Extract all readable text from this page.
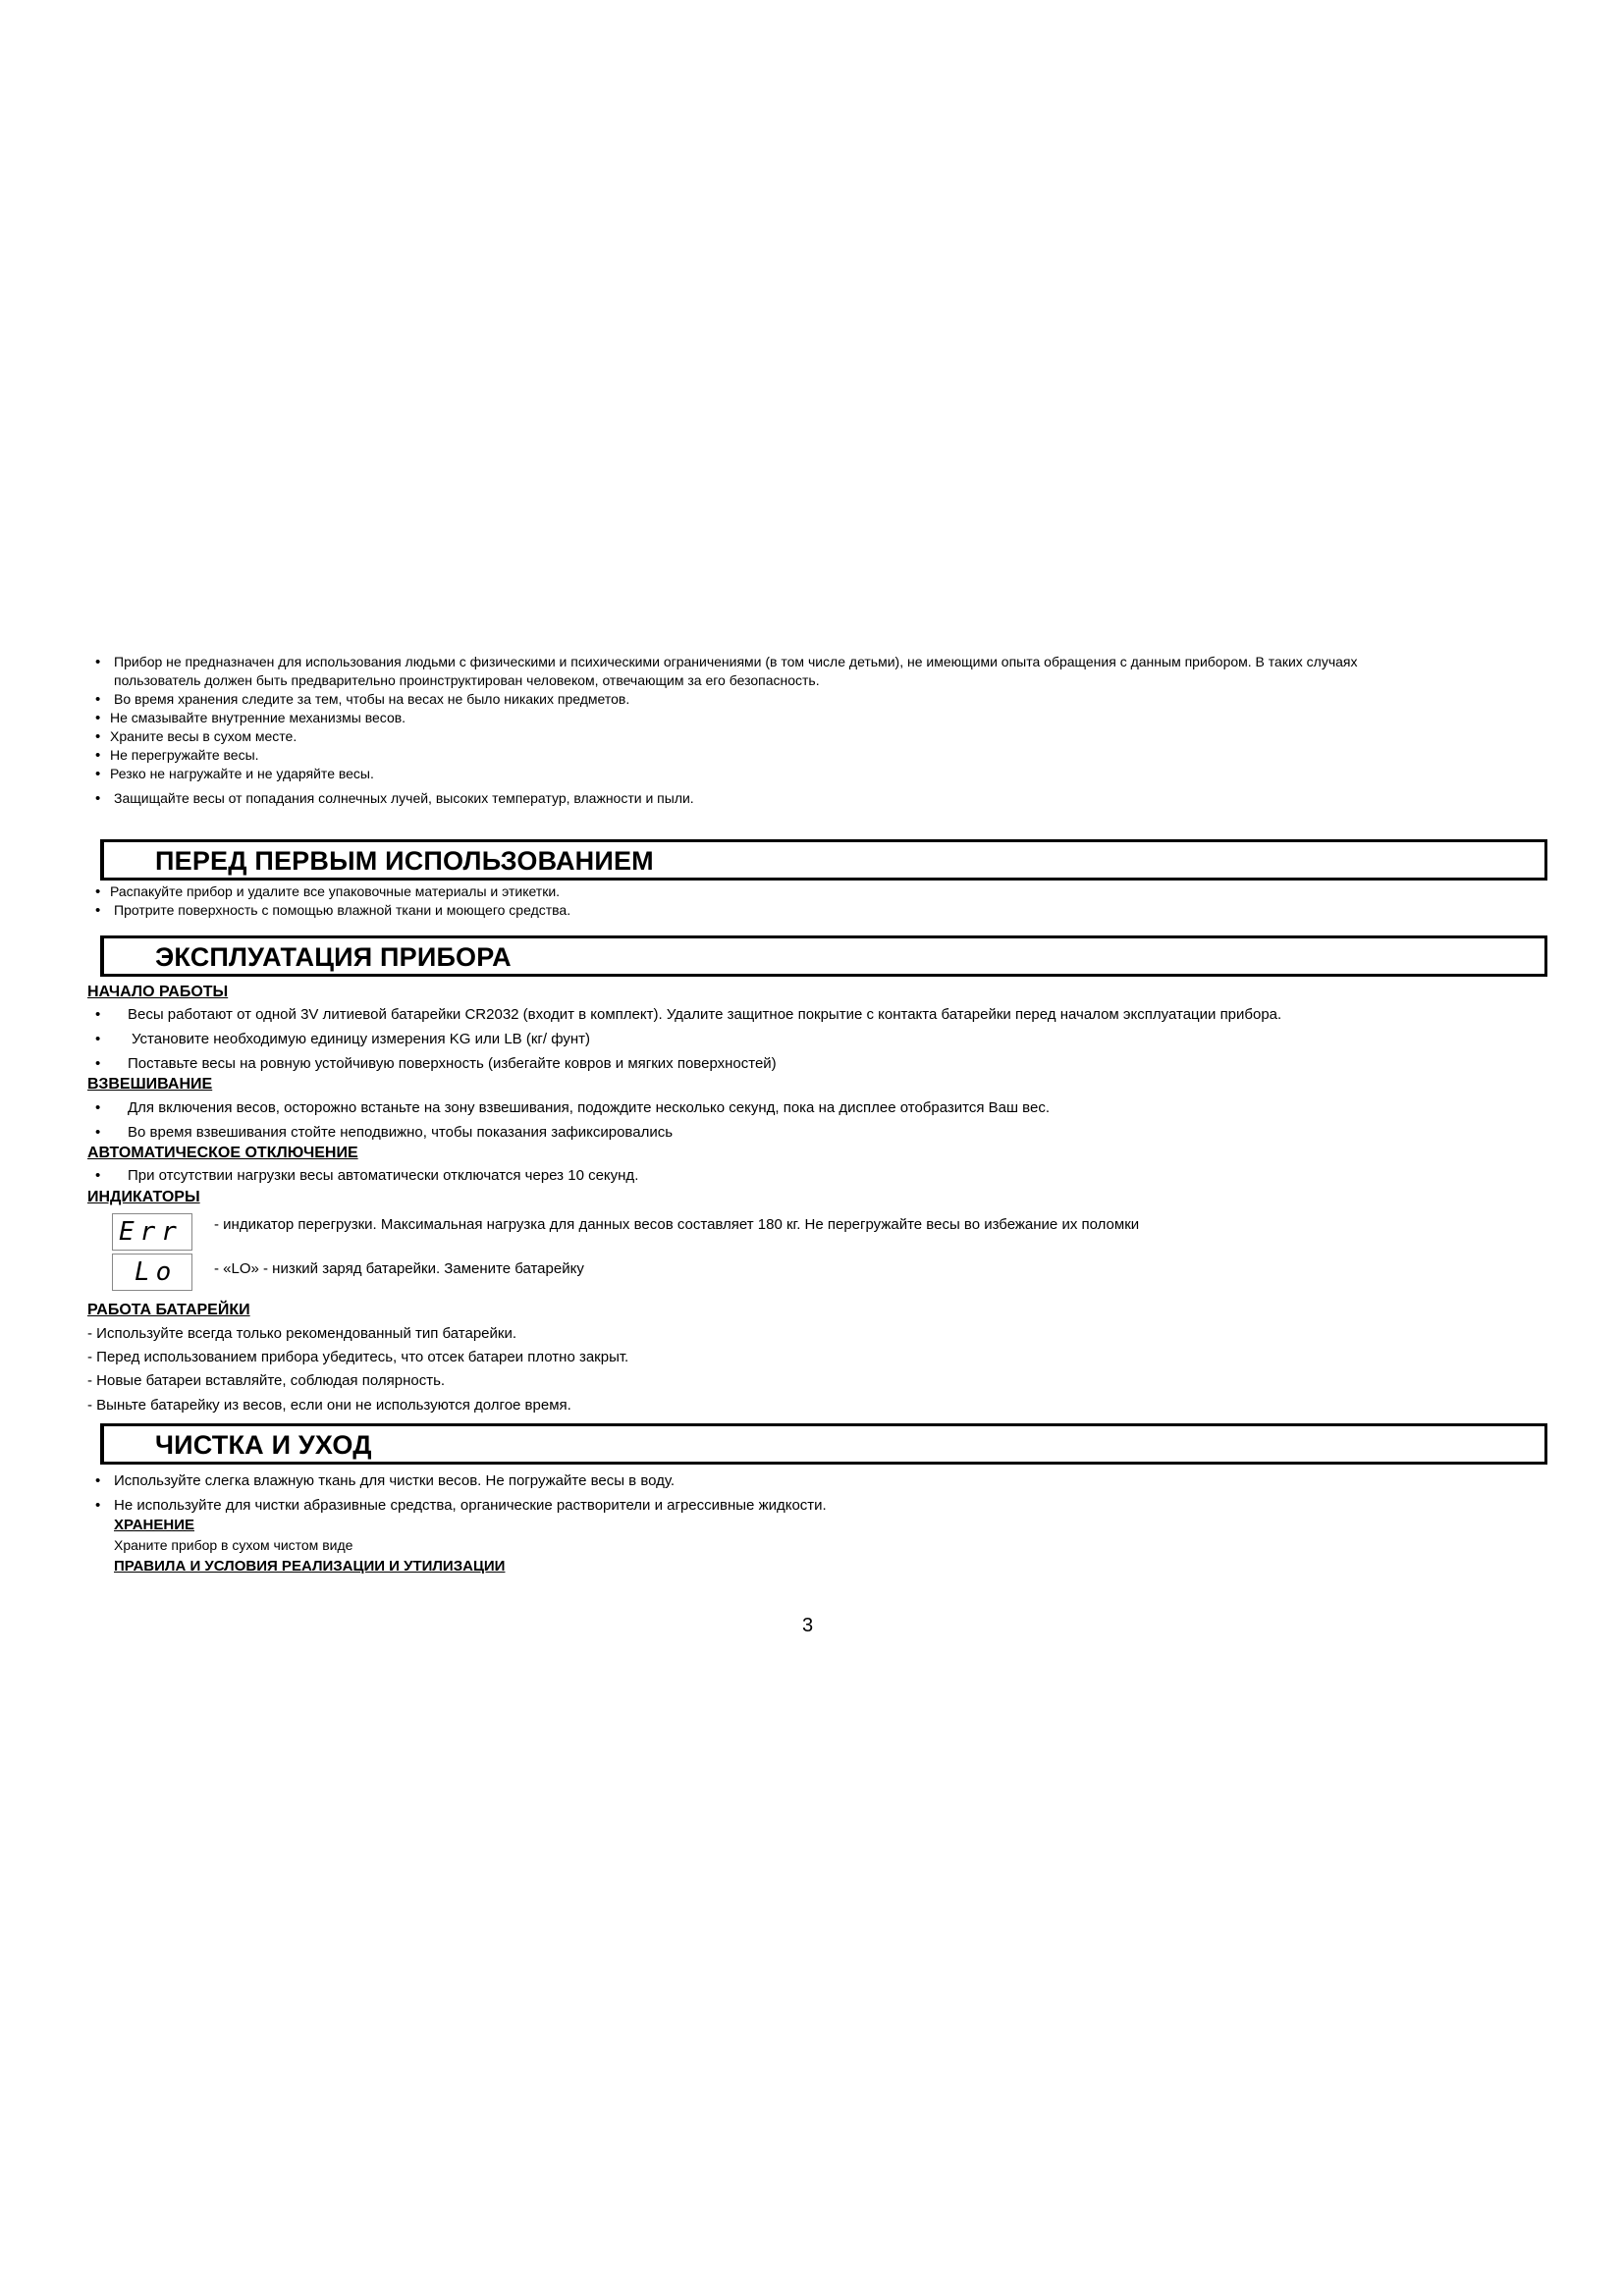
• Прибор не предназначен для использования людьми с физическими и психическими ограничениями (в том числе детьми), не имеющими опыта обращения с данным прибором. В таких случаях
пользователь должен быть предварительно проинструктирован человеком, отвечающим за его безопасность.
• Во время хранения следите за тем, чтобы на весах не было никаких предметов.
• Не смазывайте внутренние механизмы весов.
• Храните весы в сухом месте.
• Не перегружайте весы.
• Резко не нагружайте и не ударяйте весы.
• Защищайте весы от попадания солнечных лучей, высоких температур, влажности и пыли.
ПЕРЕД ПЕРВЫМ ИСПОЛЬЗОВАНИЕМ
• Распакуйте прибор и удалите все упаковочные материалы и этикетки.
• Протрите поверхность с помощью влажной ткани и моющего средства.
ЭКСПЛУАТАЦИЯ ПРИБОРА
НАЧАЛО РАБОТЫ
• Весы работают от одной 3V литиевой батарейки CR2032 (входит в комплект). Удалите защитное покрытие с контакта батарейки перед началом эксплуатации прибора.
• Установите необходимую единицу измерения KG или LB (кг/ фунт)
• Поставьте весы на ровную устойчивую поверхность (избегайте ковров и мягких поверхностей)
ВЗВЕШИВАНИЕ
• Для включения весов, осторожно встаньте на зону взвешивания, подождите несколько секунд, пока на дисплее отобразится Ваш вес.
• Во время взвешивания стойте неподвижно, чтобы показания зафиксировались
АВТОМАТИЧЕСКОЕ ОТКЛЮЧЕНИЕ
• При отсутствии нагрузки весы автоматически отключатся через 10 секунд.
ИНДИКАТОРЫ
Err - индикатор перегрузки. Максимальная нагрузка для данных весов составляет 180 кг. Не перегружайте весы во избежание их поломки
Lo	- «LO» - низкий заряд батарейки. Замените батарейку
РАБОТА БАТАРЕЙКИ
- Используйте всегда только рекомендованный тип батарейки.
- Перед использованием прибора убедитесь, что отсек батареи плотно закрыт.
- Новые батареи вставляйте, соблюдая полярность.
- Выньте батарейку из весов, если они не используются долгое время.
ЧИСТКА И УХОД
• Используйте слегка влажную ткань для чистки весов. Не погружайте весы в воду.
• Не используйте для чистки абразивные средства, органические растворители и агрессивные жидкости.
ХРАНЕНИЕ
Храните прибор в сухом чистом виде
ПРАВИЛА И УСЛОВИЯ РЕАЛИЗАЦИИ И УТИЛИЗАЦИИ
3
